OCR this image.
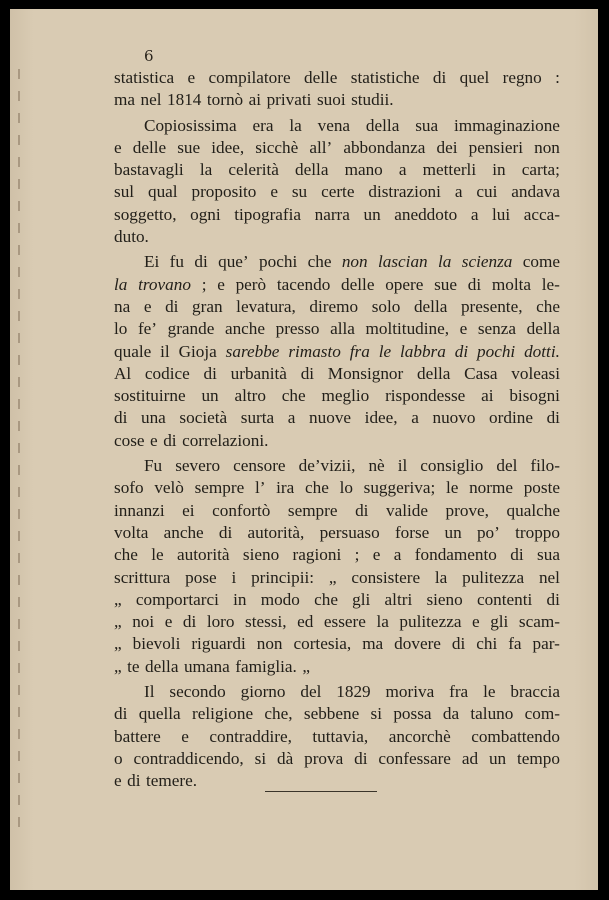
6

statistica e compilatore delle statistiche di quel regno :
ma nel 1814 tornò ai privati suoi studii.
Copiosissima era la vena della sua immaginazione
e delle sue idee, sicchè all’ abbondanza dei pensieri non
bastavagli la celerità della mano a metterli in carta;
sul qual proposito e su certe distrazioni a cui andava
soggetto, ogni tipografia narra un aneddoto a lui acca-
duto.
Ei fu di que’ pochi che non lascian la scienza come
la trovano ; e però tacendo delle opere sue di molta le-
na e di gran levatura, diremo solo della presente, che
lo fe’ grande anche presso alla moltitudine, e senza della
quale il Gioja sarebbe rimasto fra le labbra di pochi dotti.
Al codice di urbanità di Monsignor della Casa voleasi
sostituirne un altro che meglio rispondesse ai bisogni
di una società surta a nuove idee, a nuovo ordine di
cose e di correlazioni.
Fu severo censore de’vizii, nè il consiglio del filo-
sofo velò sempre l’ ira che lo suggeriva; le norme poste
innanzi ei confortò sempre di valide prove, qualche
volta anche di autorità, persuaso forse un po’ troppo
che le autorità sieno ragioni ; e a fondamento di sua
scrittura pose i principii: „ consistere la pulitezza nel
„ comportarci in modo che gli altri sieno contenti di
„ noi e di loro stessi, ed essere la pulitezza e gli scam-
„ bievoli riguardi non cortesia, ma dovere di chi fa par-
„ te della umana famiglia. „
Il secondo giorno del 1829 moriva fra le braccia
di quella religione che, sebbene si possa da taluno com-
battere e contraddire, tuttavia, ancorchè combattendo
o contraddicendo, si dà prova di confessare ad un tempo
e di temere.
